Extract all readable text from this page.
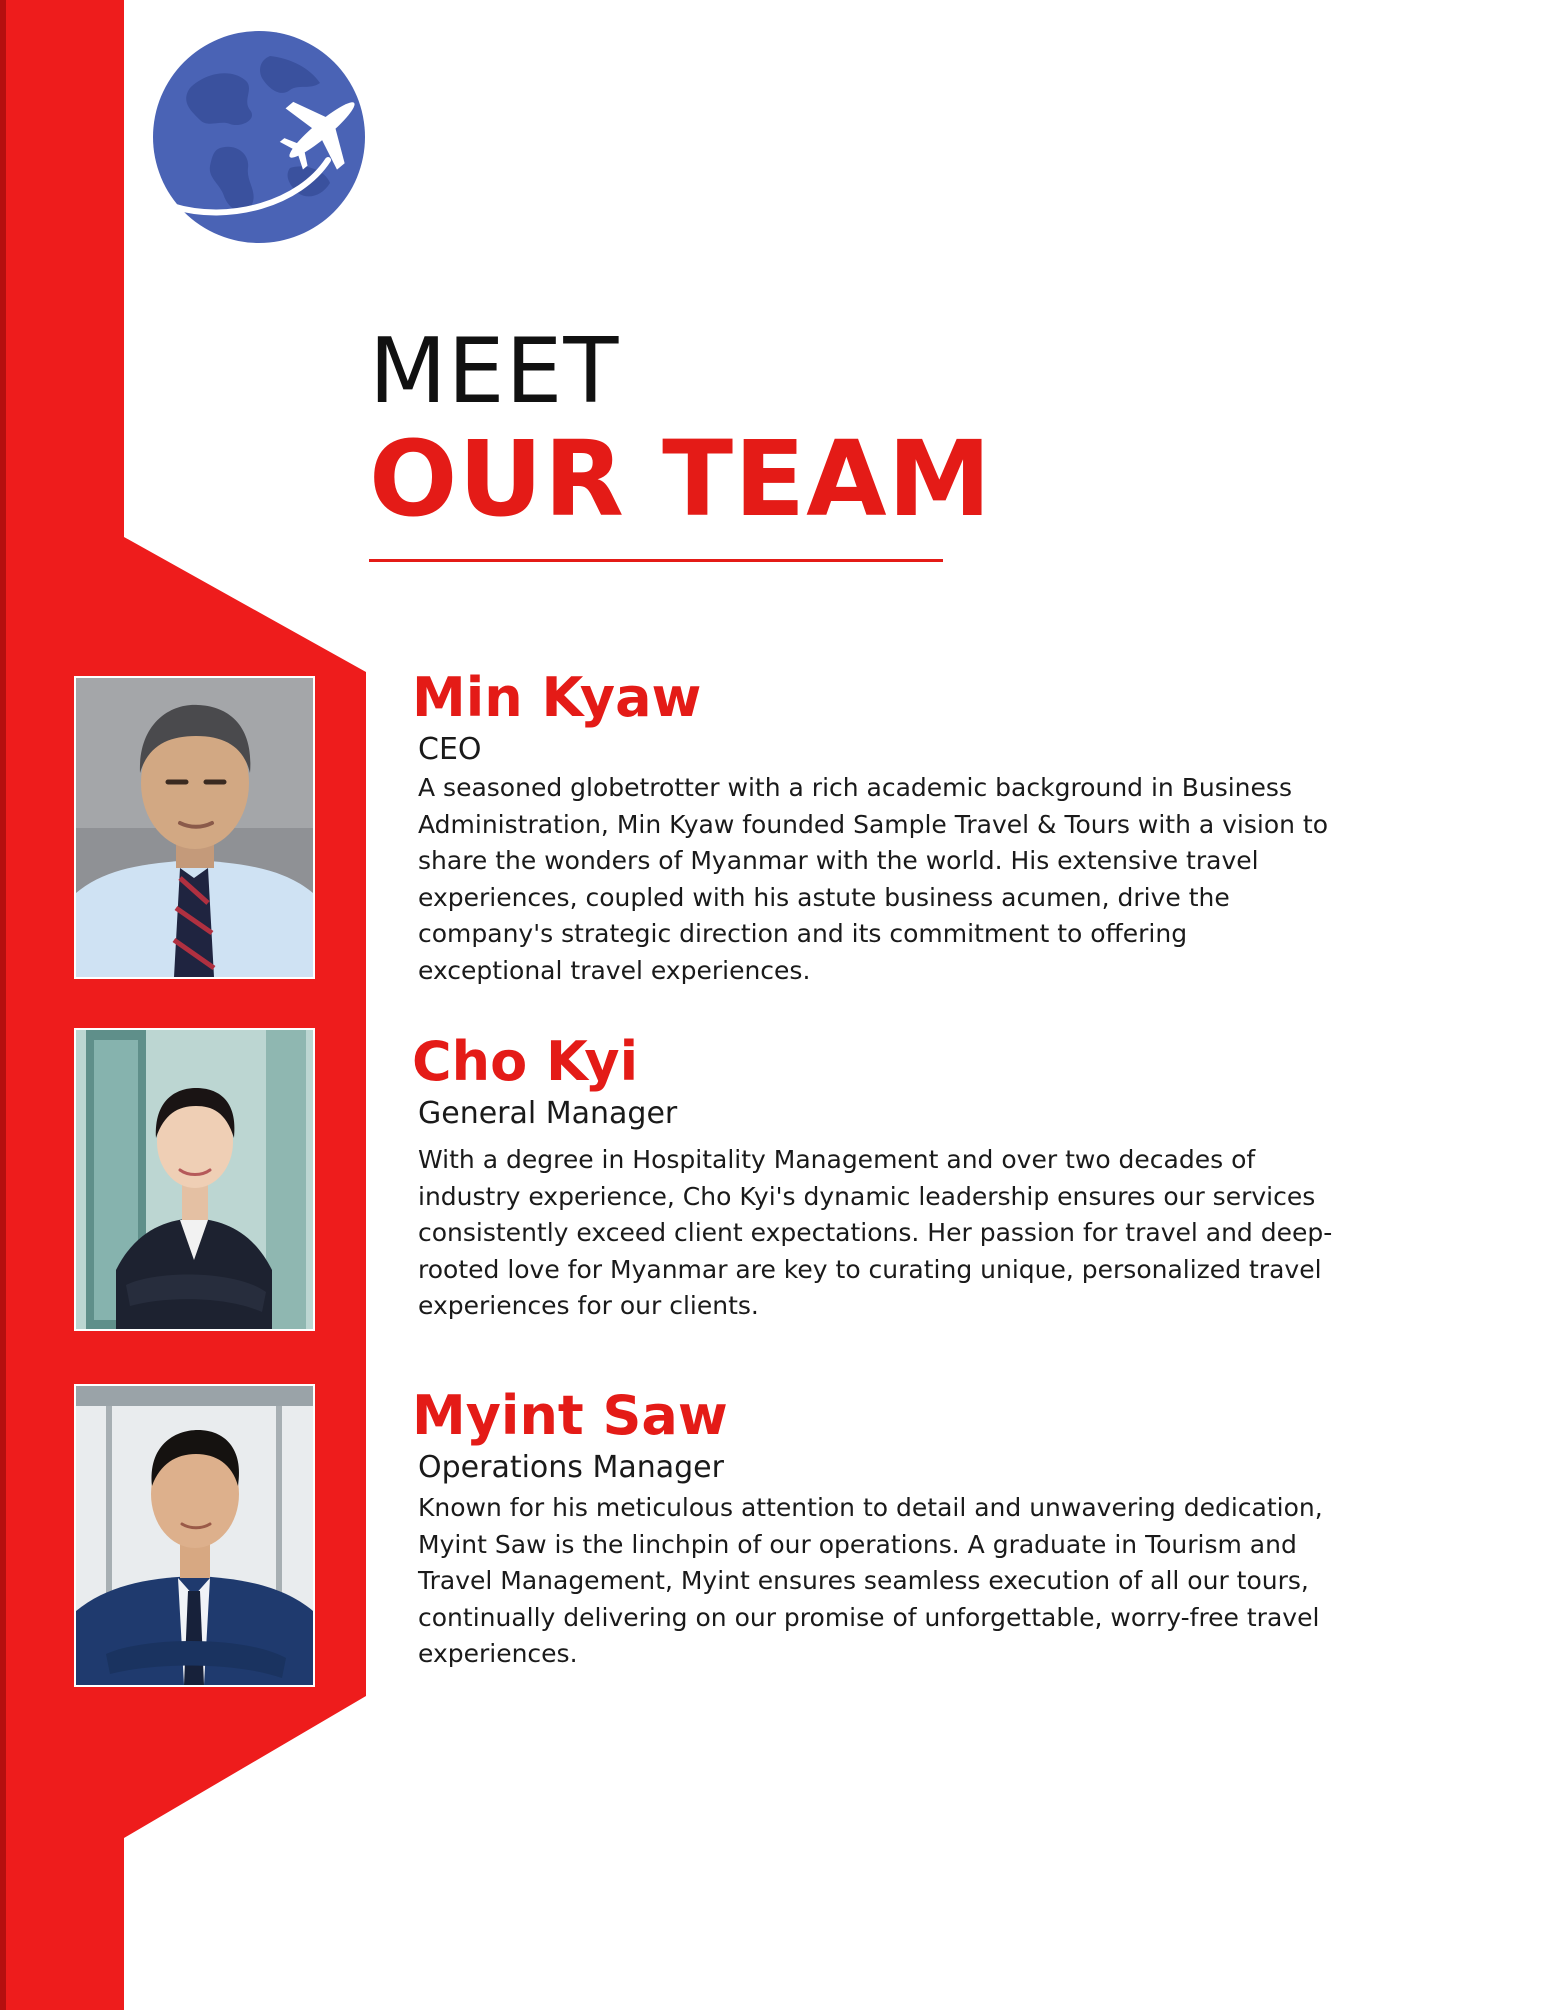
MEET
OUR TEAM
Min Kyaw
CEO
A seasoned globetrotter with a rich academic background in Business Administration, Min Kyaw founded Sample Travel & Tours with a vision to share the wonders of Myanmar with the world. His extensive travel experiences, coupled with his astute business acumen, drive the company's strategic direction and its commitment to offering exceptional travel experiences.
Cho Kyi
General Manager
With a degree in Hospitality Management and over two decades of industry experience, Cho Kyi's dynamic leadership ensures our services consistently exceed client expectations. Her passion for travel and deep-rooted love for Myanmar are key to curating unique, personalized travel experiences for our clients.
Myint Saw
Operations Manager
Known for his meticulous attention to detail and unwavering dedication, Myint Saw is the linchpin of our operations. A graduate in Tourism and Travel Management, Myint ensures seamless execution of all our tours, continually delivering on our promise of unforgettable, worry-free travel experiences.
